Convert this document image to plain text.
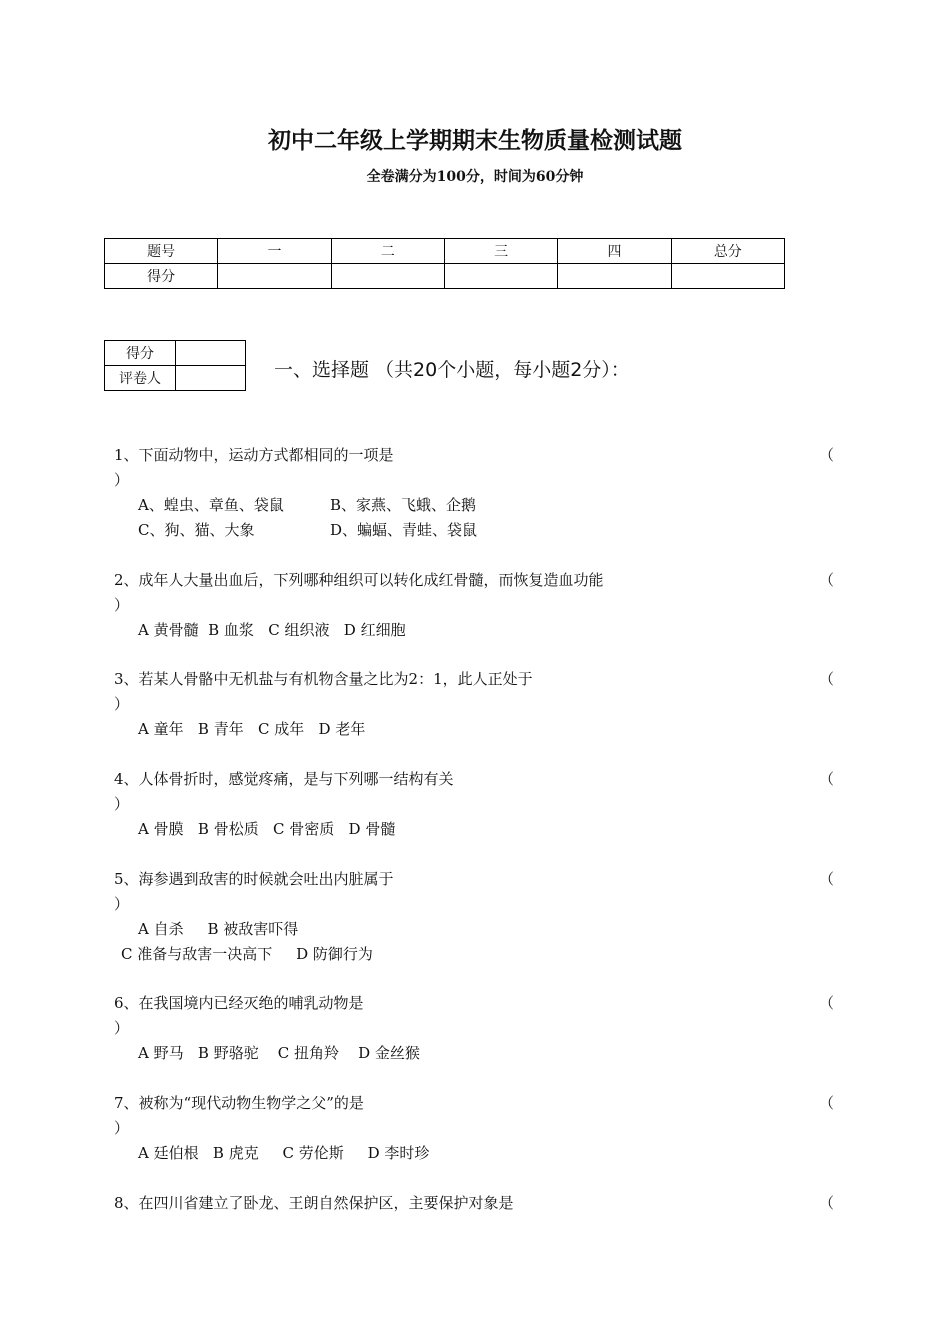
初中二年级上学期期末生物质量检测试题
全卷满分为100分，时间为60分钟
题号	一	二	三	四	总分
得分					
得分	
评卷人		一、选择题 （共20个小题，每小题2分）：
1、下面动物中，运动方式都相同的一项是	（
）
A、蝗虫、章鱼、袋鼠	B、家燕、飞蛾、企鹅
C、狗、猫、大象	D、蝙蝠、青蛙、袋鼠
2、成年人大量出血后，下列哪种组织可以转化成红骨髓，而恢复造血功能	（
）
A 黄骨髓  B 血浆   C 组织液   D 红细胞
3、若某人骨骼中无机盐与有机物含量之比为2：1，此人正处于	（
）
A 童年   B 青年   C 成年   D 老年
4、人体骨折时，感觉疼痛，是与下列哪一结构有关	（
）
A 骨膜   B 骨松质   C 骨密质   D 骨髓
5、海参遇到敌害的时候就会吐出内脏属于	（
）
A 自杀     B 被敌害吓得
C 准备与敌害一决高下     D 防御行为
6、在我国境内已经灭绝的哺乳动物是	（
）
A 野马   B 野骆驼    C 扭角羚    D 金丝猴
7、被称为“现代动物生物学之父”的是	（
）
A 廷伯根   B 虎克     C 劳伦斯     D 李时珍
8、在四川省建立了卧龙、王朗自然保护区，主要保护对象是	（
